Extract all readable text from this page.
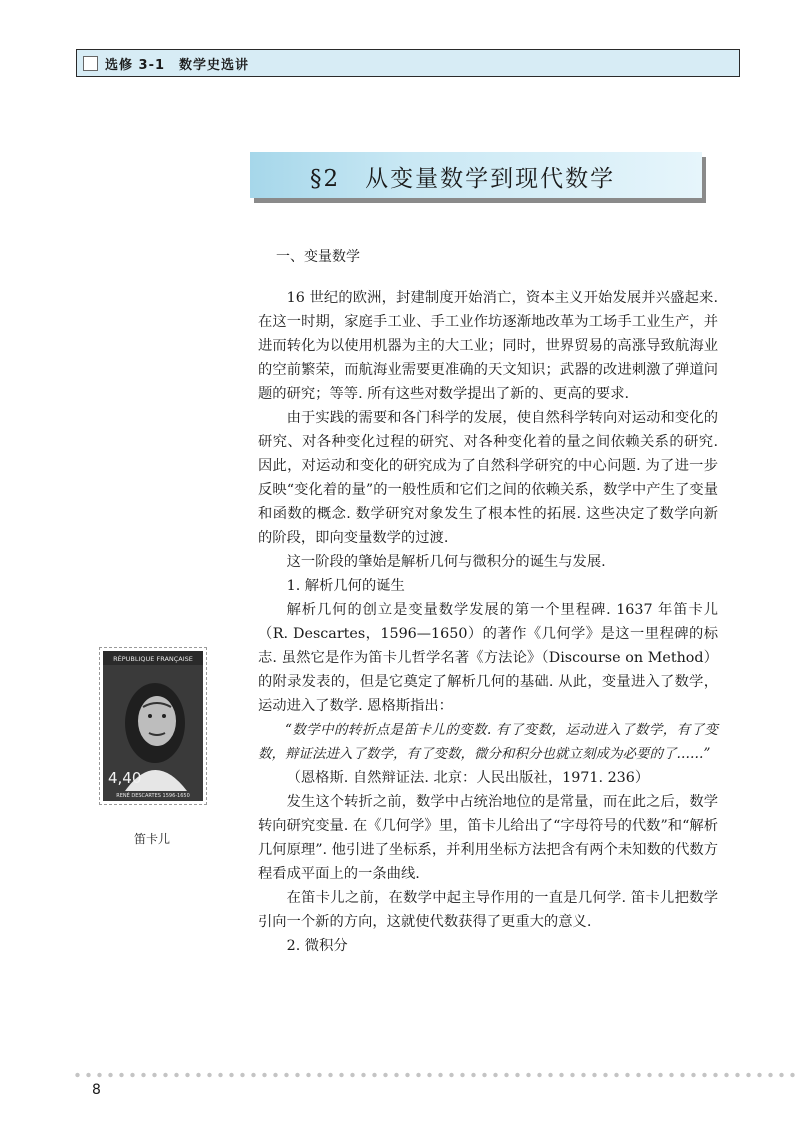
选修 3-1　数学史选讲
§2　从变量数学到现代数学
一、变量数学

16 世纪的欧洲，封建制度开始消亡，资本主义开始发展并兴盛起来. 在这一时期，家庭手工业、手工业作坊逐渐地改革为工场手工业生产，并进而转化为以使用机器为主的大工业；同时，世界贸易的高涨导致航海业的空前繁荣，而航海业需要更准确的天文知识；武器的改进刺激了弹道问题的研究；等等. 所有这些对数学提出了新的、更高的要求.

由于实践的需要和各门科学的发展，使自然科学转向对运动和变化的研究、对各种变化过程的研究、对各种变化着的量之间依赖关系的研究. 因此，对运动和变化的研究成为了自然科学研究的中心问题. 为了进一步反映“变化着的量”的一般性质和它们之间的依赖关系，数学中产生了变量和函数的概念. 数学研究对象发生了根本性的拓展. 这些决定了数学向新的阶段，即向变量数学的过渡.

这一阶段的肇始是解析几何与微积分的诞生与发展.

1. 解析几何的诞生

解析几何的创立是变量数学发展的第一个里程碑. 1637 年笛卡儿（R. Descartes，1596—1650）的著作《几何学》是这一里程碑的标志. 虽然它是作为笛卡儿哲学名著《方法论》（Discourse on Method）的附录发表的，但是它奠定了解析几何的基础. 从此，变量进入了数学，运动进入了数学. 恩格斯指出：

“数学中的转折点是笛卡儿的变数. 有了变数，运动进入了数学，有了变数，辩证法进入了数学，有了变数，微分和积分也就立刻成为必要的了……”

（恩格斯. 自然辩证法. 北京：人民出版社，1971. 236）

发生这个转折之前，数学中占统治地位的是常量，而在此之后，数学转向研究变量. 在《几何学》里，笛卡儿给出了“字母符号的代数”和“解析几何原理”. 他引进了坐标系，并利用坐标方法把含有两个未知数的代数方程看成平面上的一条曲线.

在笛卡儿之前，在数学中起主导作用的一直是几何学. 笛卡儿把数学引向一个新的方向，这就使代数获得了更重大的意义.

2. 微积分

RÉPUBLIQUE FRANÇAISE
4,40
RENÉ DESCARTES 1596-1650
笛卡儿
8
